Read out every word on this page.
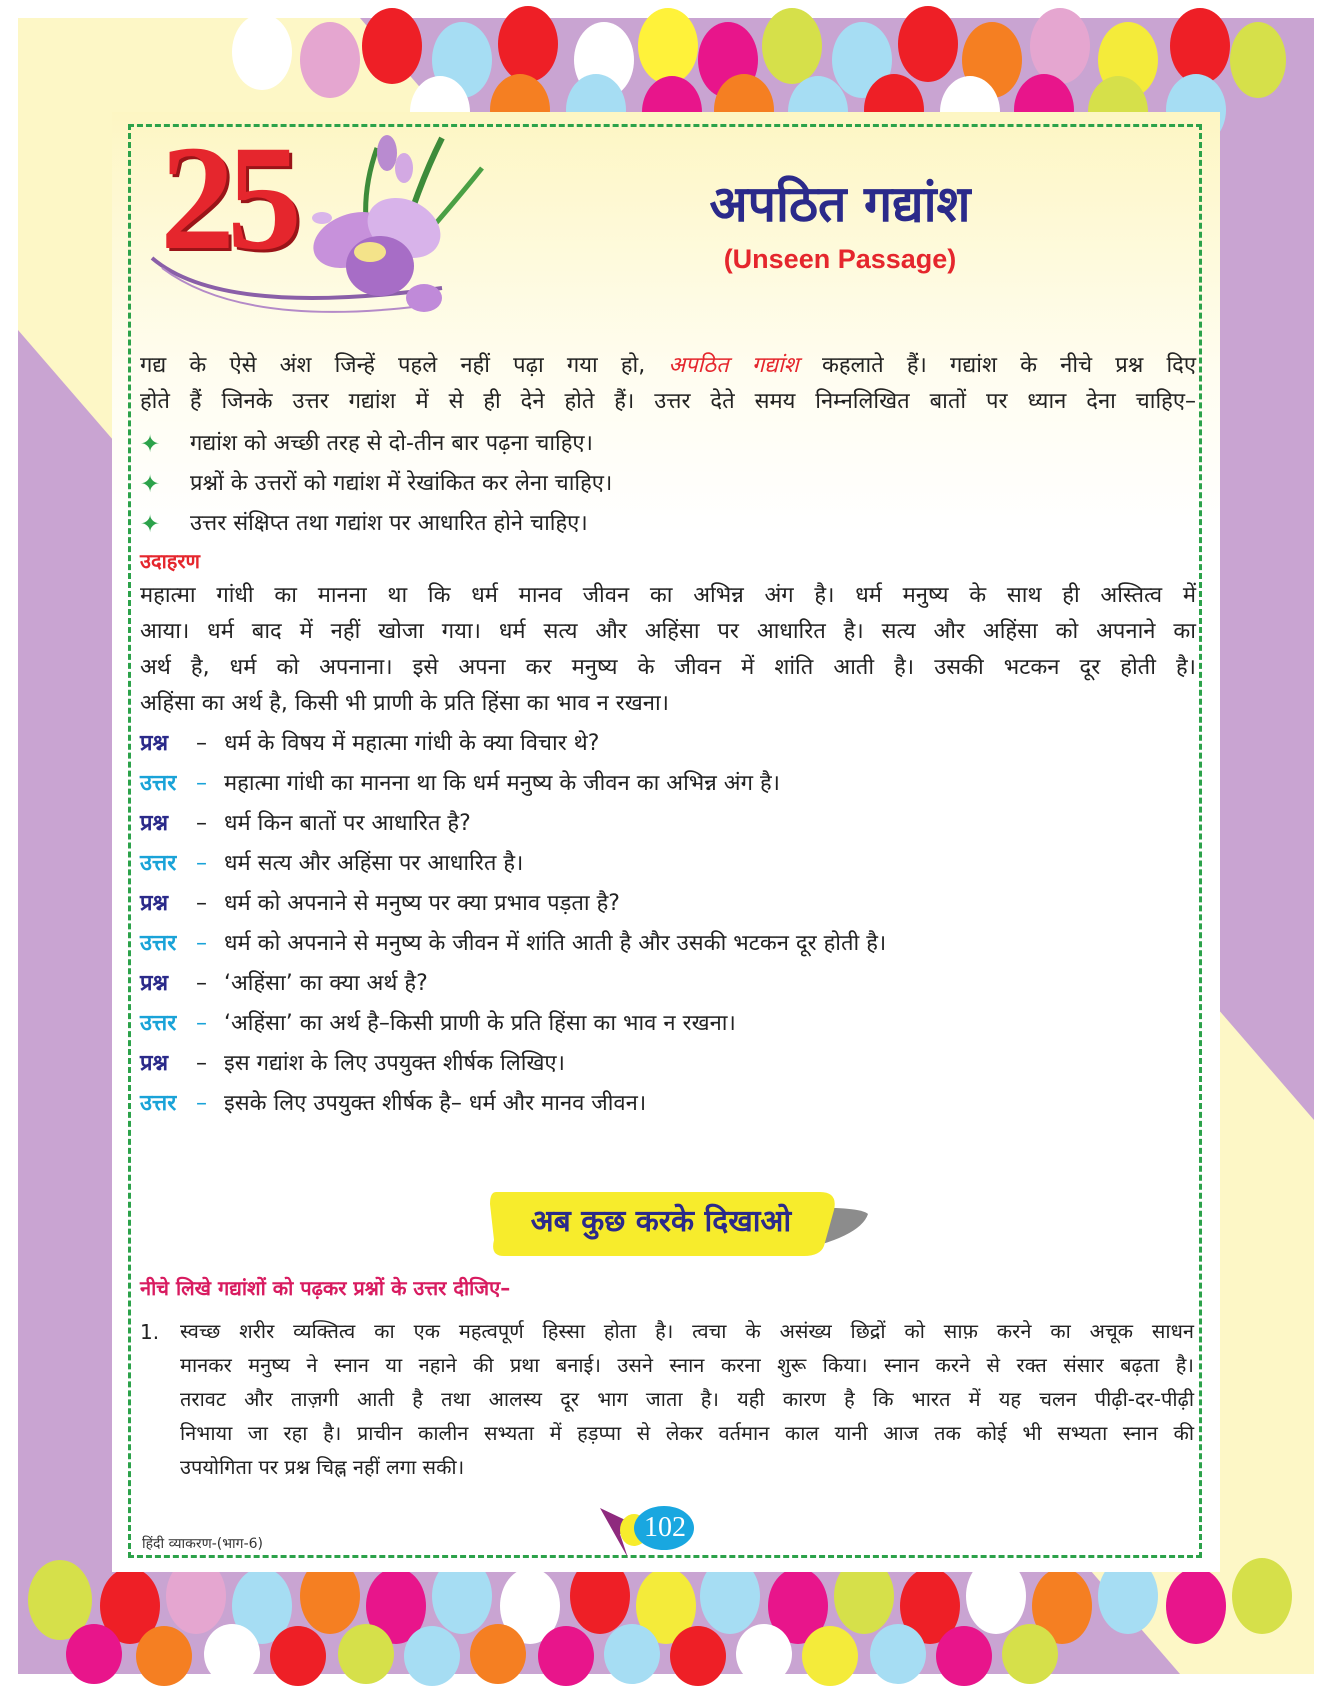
25	अपठित गद्यांश
(Unseen Passage)
गद्य के ऐसे अंश जिन्हें पहले नहीं पढ़ा गया हो, अपठित गद्यांश कहलाते हैं। गद्यांश के नीचे प्रश्न दिए
होते हैं जिनके उत्तर गद्यांश में से ही देने होते हैं। उत्तर देते समय निम्नलिखित बातों पर ध्यान देना चाहिए–
✦ गद्यांश को अच्छी तरह से दो-तीन बार पढ़ना चाहिए।
✦ प्रश्नों के उत्तरों को गद्यांश में रेखांकित कर लेना चाहिए।
✦ उत्तर संक्षिप्त तथा गद्यांश पर आधारित होने चाहिए।
उदाहरण
महात्मा गांधी का मानना था कि धर्म मानव जीवन का अभिन्न अंग है। धर्म मनुष्य के साथ ही अस्तित्व में
आया। धर्म बाद में नहीं खोजा गया। धर्म सत्य और अहिंसा पर आधारित है। सत्य और अहिंसा को अपनाने का
अर्थ है, धर्म को अपनाना। इसे अपना कर मनुष्य के जीवन में शांति आती है। उसकी भटकन दूर होती है।
अहिंसा का अर्थ है, किसी भी प्राणी के प्रति हिंसा का भाव न रखना।
प्रश्न – धर्म के विषय में महात्मा गांधी के क्या विचार थे?
उत्तर – महात्मा गांधी का मानना था कि धर्म मनुष्य के जीवन का अभिन्न अंग है।
प्रश्न – धर्म किन बातों पर आधारित है?
उत्तर – धर्म सत्य और अहिंसा पर आधारित है।
प्रश्न – धर्म को अपनाने से मनुष्य पर क्या प्रभाव पड़ता है?
उत्तर – धर्म को अपनाने से मनुष्य के जीवन में शांति आती है और उसकी भटकन दूर होती है।
प्रश्न – ‘अहिंसा’ का क्या अर्थ है?
उत्तर – ‘अहिंसा’ का अर्थ है–किसी प्राणी के प्रति हिंसा का भाव न रखना।
प्रश्न – इस गद्यांश के लिए उपयुक्त शीर्षक लिखिए।
उत्तर – इसके लिए उपयुक्त शीर्षक है– धर्म और मानव जीवन।
अब कुछ करके दिखाओ
नीचे लिखे गद्यांशों को पढ़कर प्रश्नों के उत्तर दीजिए–
1. स्वच्छ शरीर व्यक्तित्व का एक महत्वपूर्ण हिस्सा होता है। त्वचा के असंख्य छिद्रों को साफ़ करने का अचूक साधन
मानकर मनुष्य ने स्नान या नहाने की प्रथा बनाई। उसने स्नान करना शुरू किया। स्नान करने से रक्त संसार बढ़ता है।
तरावट और ताज़गी आती है तथा आलस्य दूर भाग जाता है। यही कारण है कि भारत में यह चलन पीढ़ी-दर-पीढ़ी
निभाया जा रहा है। प्राचीन कालीन सभ्यता में हड़प्पा से लेकर वर्तमान काल यानी आज तक कोई भी सभ्यता स्नान की
उपयोगिता पर प्रश्न चिह्न नहीं लगा सकी।
हिंदी व्याकरण-(भाग-6)
102
